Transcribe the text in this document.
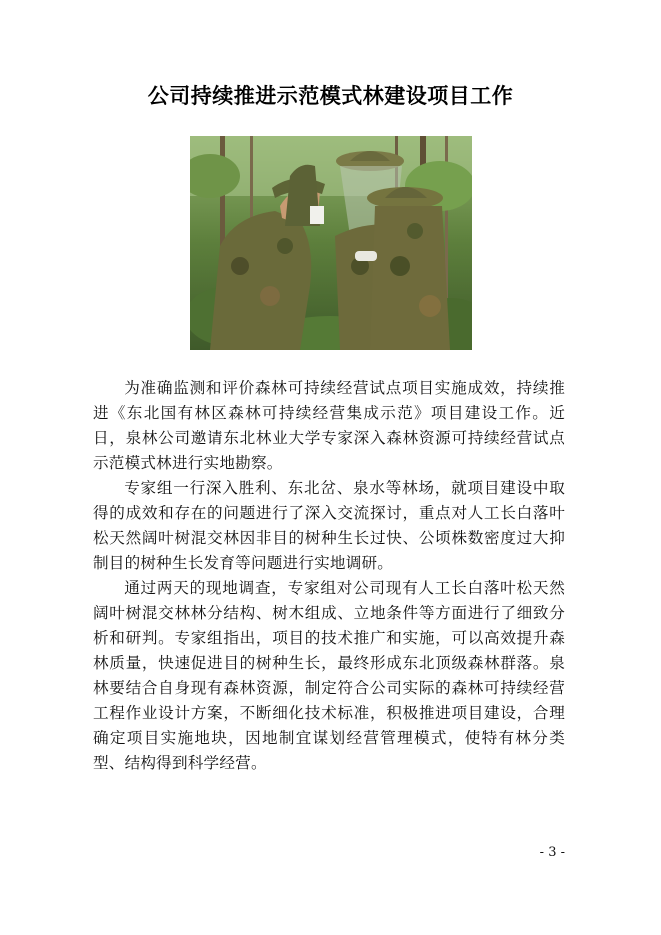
公司持续推进示范模式林建设项目工作

为准确监测和评价森林可持续经营试点项目实施成效，持续推进《东北国有林区森林可持续经营集成示范》项目建设工作。近日，泉林公司邀请东北林业大学专家深入森林资源可持续经营试点示范模式林进行实地勘察。

专家组一行深入胜利、东北岔、泉水等林场，就项目建设中取得的成效和存在的问题进行了深入交流探讨，重点对人工长白落叶松天然阔叶树混交林因非目的树种生长过快、公顷株数密度过大抑制目的树种生长发育等问题进行实地调研。

通过两天的现地调查，专家组对公司现有人工长白落叶松天然阔叶树混交林林分结构、树木组成、立地条件等方面进行了细致分析和研判。专家组指出，项目的技术推广和实施，可以高效提升森林质量，快速促进目的树种生长，最终形成东北顶级森林群落。泉林要结合自身现有森林资源，制定符合公司实际的森林可持续经营工程作业设计方案，不断细化技术标准，积极推进项目建设，合理确定项目实施地块，因地制宜谋划经营管理模式，使特有林分类型、结构得到科学经营。

- 3 -
